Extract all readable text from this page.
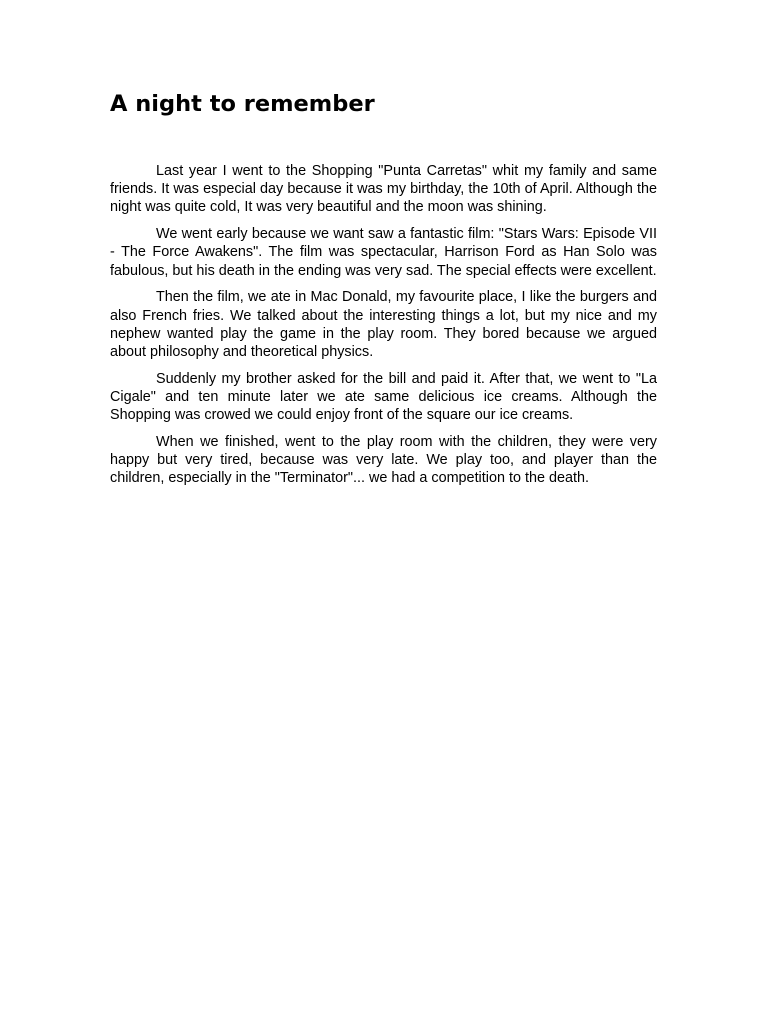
A night to remember

Last year I went to the Shopping "Punta Carretas" whit my family and same friends. It was especial day because it was my birthday, the 10th of April. Although the night was quite cold, It was very beautiful and the moon was shining.

We went early because we want saw a fantastic film: "Stars Wars: Episode VII - The Force Awakens". The film was spectacular, Harrison Ford as Han Solo was fabulous, but his death in the ending was very sad. The special effects were excellent.

Then the film, we ate in Mac Donald, my favourite place, I like the burgers and also French fries. We talked about the interesting things a lot, but my nice and my nephew wanted play the game in the play room. They bored because we argued about philosophy and theoretical physics.

Suddenly my brother asked for the bill and paid it. After that, we went to "La Cigale" and ten minute later we ate same delicious ice creams. Although the Shopping was crowed we could enjoy front of the square our ice creams.

When we finished, went to the play room with the children, they were very happy but very tired, because was very late. We play too, and player than the children, especially in the "Terminator"... we had a competition to the death.
